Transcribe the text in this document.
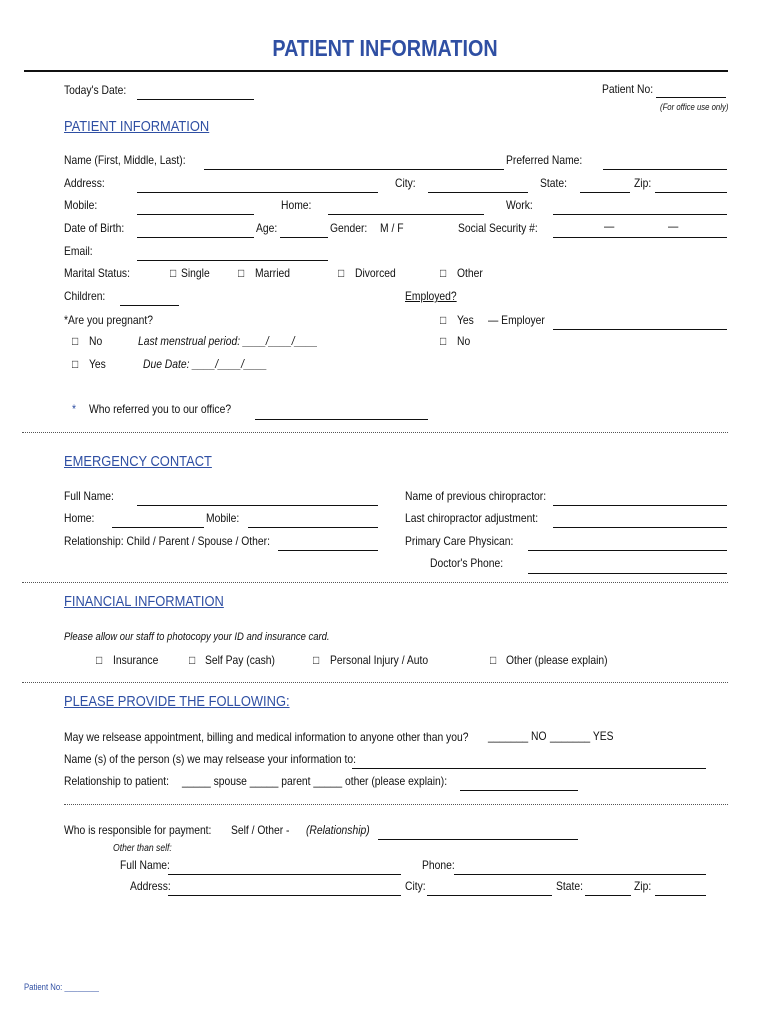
PATIENT INFORMATION
Today's Date:	Patient No:
(For office use only)
PATIENT INFORMATION
Name (First, Middle, Last):	Preferred Name:
Address:	City:	State:	Zip:
Mobile:	Home:	Work:
Date of Birth:	Age:	Gender: M / F	Social Security #:	—	—
Email:
Marital Status:	□ Single □ Married	□ Divorced	□ Other
Children:	Employed?
*Are you pregnant?	□ Yes — Employer
□ No	Last menstrual period: ____/____/____	□ No
□ Yes	Due Date: ____/____/____
* Who referred you to our office?
EMERGENCY CONTACT
Full Name:	Name of previous chiropractor:
Home:	Mobile:	Last chiropractor adjustment:
Relationship: Child / Parent / Spouse / Other:	Primary Care Physican:
Doctor's Phone:
FINANCIAL INFORMATION
Please allow our staff to photocopy your ID and insurance card.
□ Insurance	□ Self Pay (cash)	□ Personal Injury / Auto	□ Other (please explain)
PLEASE PROVIDE THE FOLLOWING:
May we relsease appointment, billing and medical information to anyone other than you? _______ NO _______ YES
Name (s) of the person (s) we may relsease your information to:
Relationship to patient: _____ spouse _____ parent _____ other (please explain):
Who is responsible for payment: Self / Other - (Relationship)
Other than self:
Full Name:	Phone:
Address:	City:	State:	Zip:
Patient No: ________
